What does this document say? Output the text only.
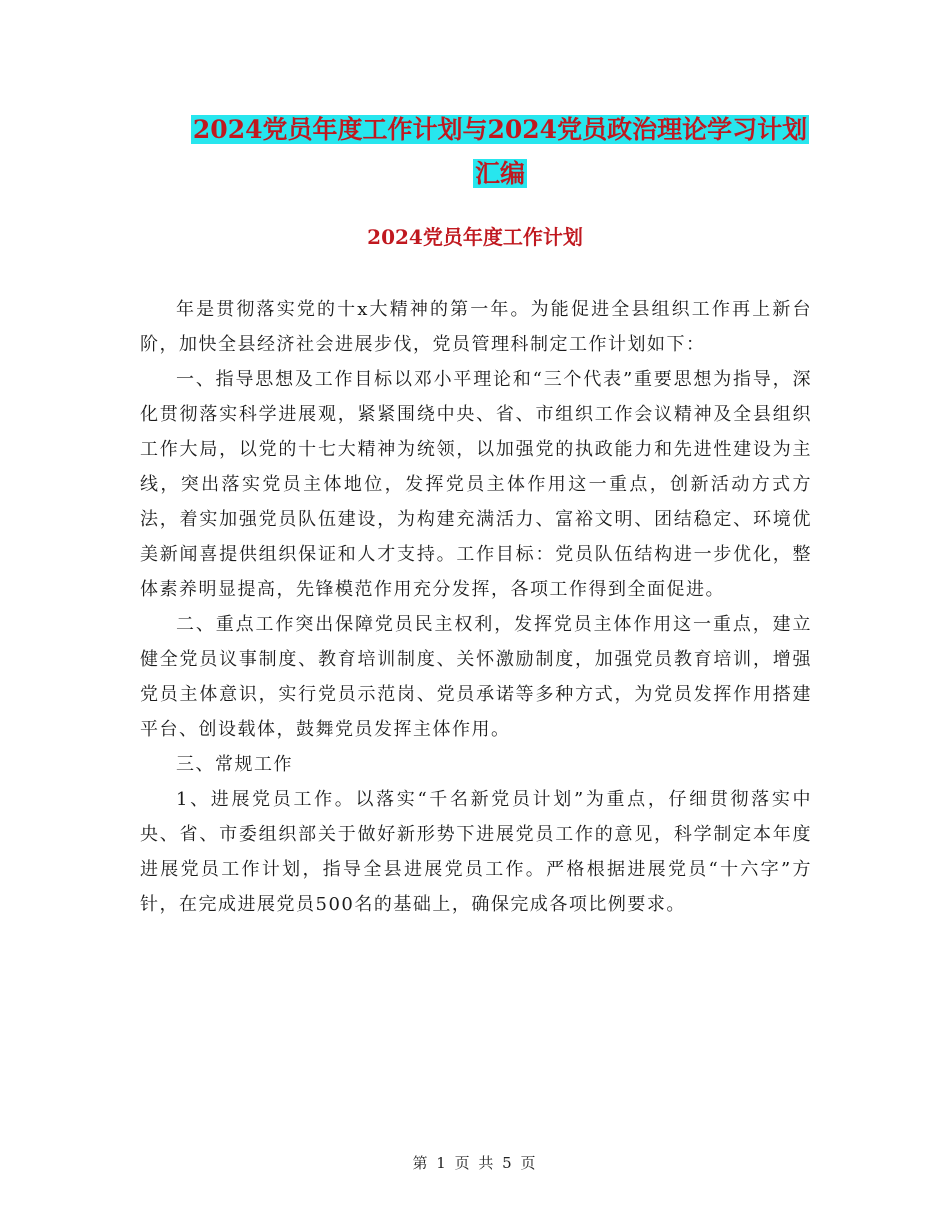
2024党员年度工作计划与2024党员政治理论学习计划
汇编
2024党员年度工作计划

年是贯彻落实党的十x大精神的第一年。为能促进全县组织工作再上新台阶，加快全县经济社会进展步伐，党员管理科制定工作计划如下：

一、指导思想及工作目标以邓小平理论和“三个代表”重要思想为指导，深化贯彻落实科学进展观，紧紧围绕中央、省、市组织工作会议精神及全县组织工作大局，以党的十七大精神为统领，以加强党的执政能力和先进性建设为主线，突出落实党员主体地位，发挥党员主体作用这一重点，创新活动方式方法，着实加强党员队伍建设，为构建充满活力、富裕文明、团结稳定、环境优美新闻喜提供组织保证和人才支持。工作目标：党员队伍结构进一步优化，整体素养明显提高，先锋模范作用充分发挥，各项工作得到全面促进。

二、重点工作突出保障党员民主权利，发挥党员主体作用这一重点，建立健全党员议事制度、教育培训制度、关怀激励制度，加强党员教育培训，增强党员主体意识，实行党员示范岗、党员承诺等多种方式，为党员发挥作用搭建平台、创设载体，鼓舞党员发挥主体作用。

三、常规工作

1、进展党员工作。以落实“千名新党员计划”为重点，仔细贯彻落实中央、省、市委组织部关于做好新形势下进展党员工作的意见，科学制定本年度进展党员工作计划，指导全县进展党员工作。严格根据进展党员“十六字”方针，在完成进展党员500名的基础上，确保完成各项比例要求。

第 1 页 共 5 页
